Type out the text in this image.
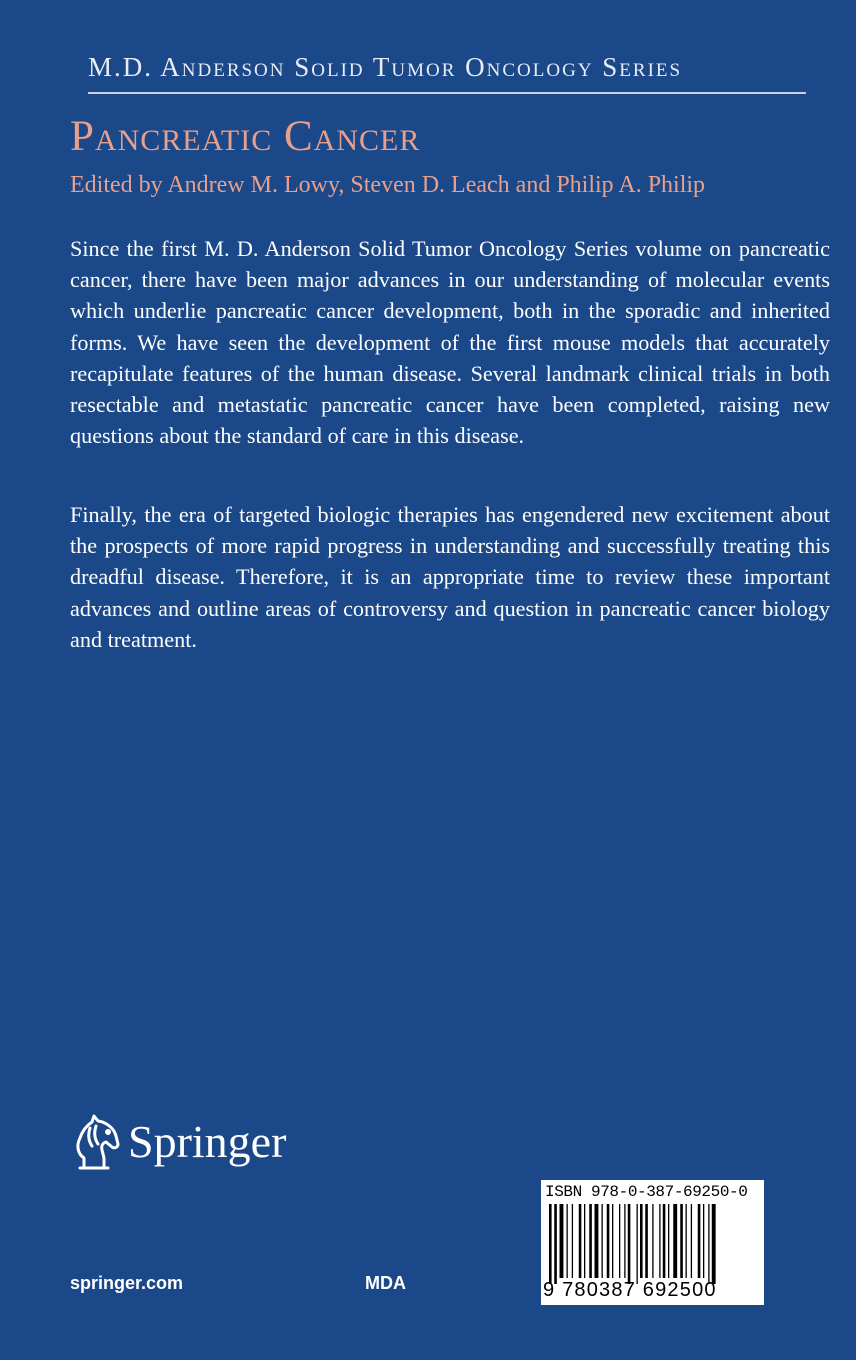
M.D. Anderson Solid Tumor Oncology Series
Pancreatic Cancer
Edited by Andrew M. Lowy, Steven D. Leach and Philip A. Philip

Since the first M. D. Anderson Solid Tumor Oncology Series volume on pancreatic cancer, there have been major advances in our understanding of molecular events which underlie pancreatic cancer development, both in the sporadic and inherited forms. We have seen the development of the first mouse models that accurately recapitulate features of the human disease. Several landmark clinical trials in both resectable and metastatic pancreatic cancer have been completed, raising new questions about the standard of care in this disease.

Finally, the era of targeted biologic therapies has engendered new excitement about the prospects of more rapid progress in understanding and successfully treating this dreadful disease. Therefore, it is an appropriate time to review these important advances and outline areas of controversy and question in pancreatic cancer biology and treatment.

Springer
springer.com	MDA
ISBN 978-0-387-69250-0
9 780387 692500
